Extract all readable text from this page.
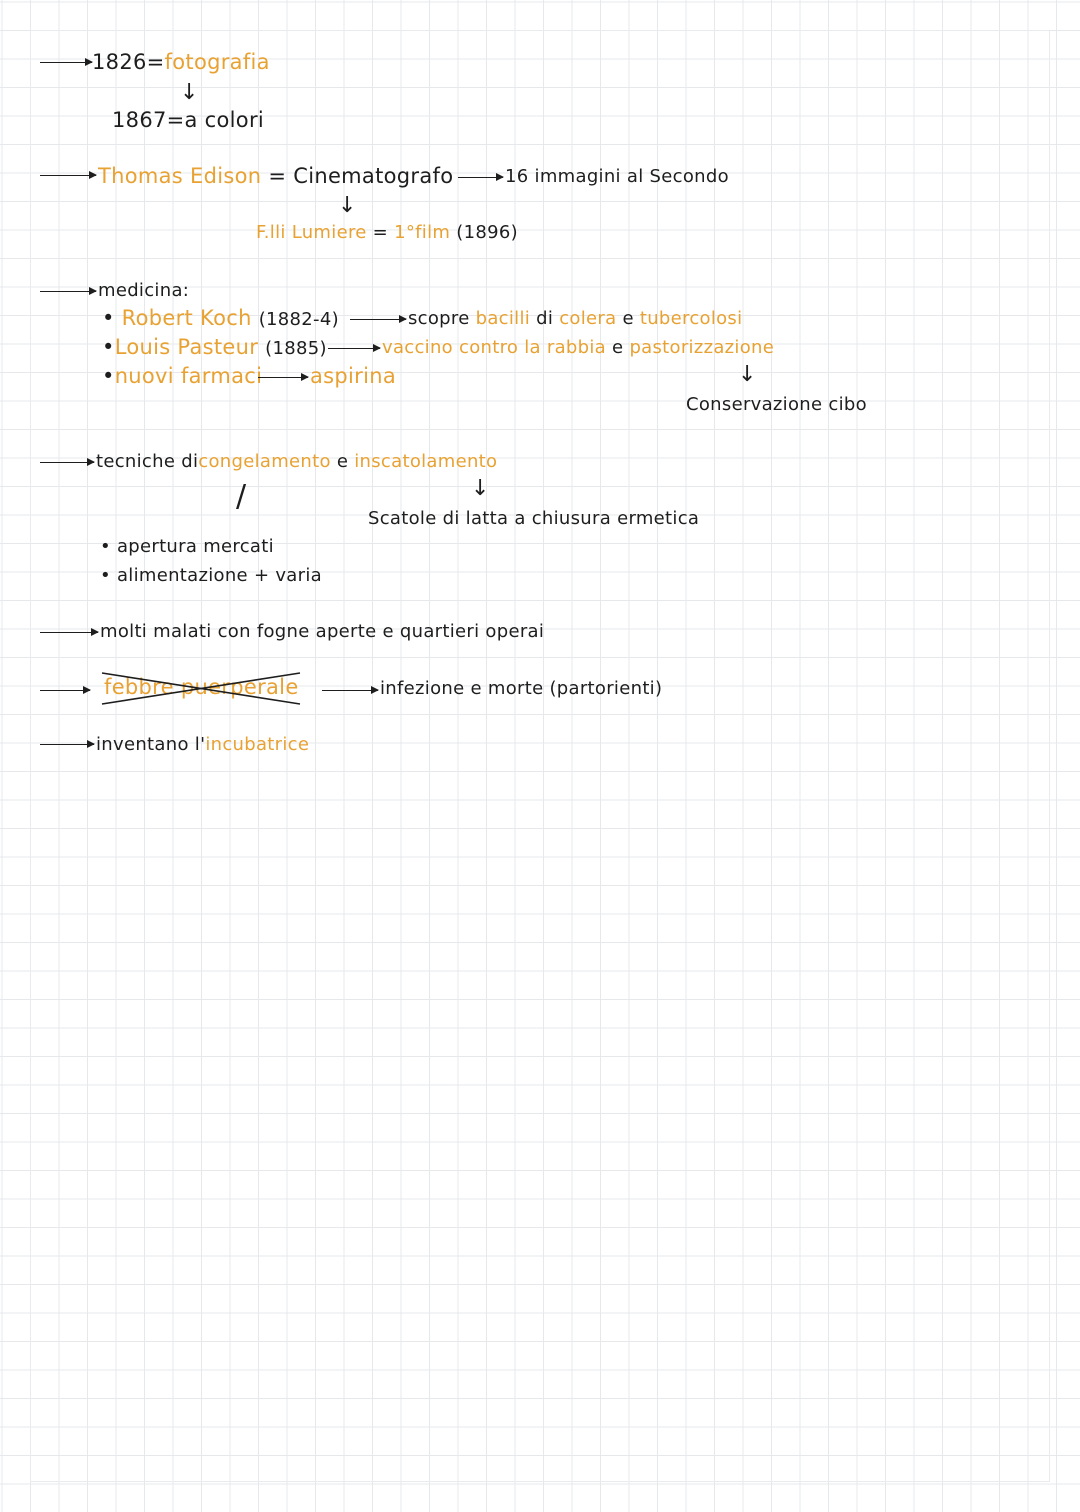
1826=fotografia
↓
1867=a colori
Thomas Edison = Cinematografo	16 immagini al Secondo
↓
F.lli Lumiere = 1°film (1896)
medicina:
• Robert Koch (1882-4)	scopre bacilli di colera e tubercolosi
•Louis Pasteur (1885)	vaccino contro la rabbia e pastorizzazione
↓
Conservazione cibo
•nuovi farmaci aspirina
tecniche dicongelamento e inscatolamento
/	↓
Scatole di latta a chiusura ermetica
• apertura mercati
• alimentazione + varia
molti malati con fogne aperte e quartieri operai
febbre puerperale	infezione e morte (partorienti)
inventano l'incubatrice
